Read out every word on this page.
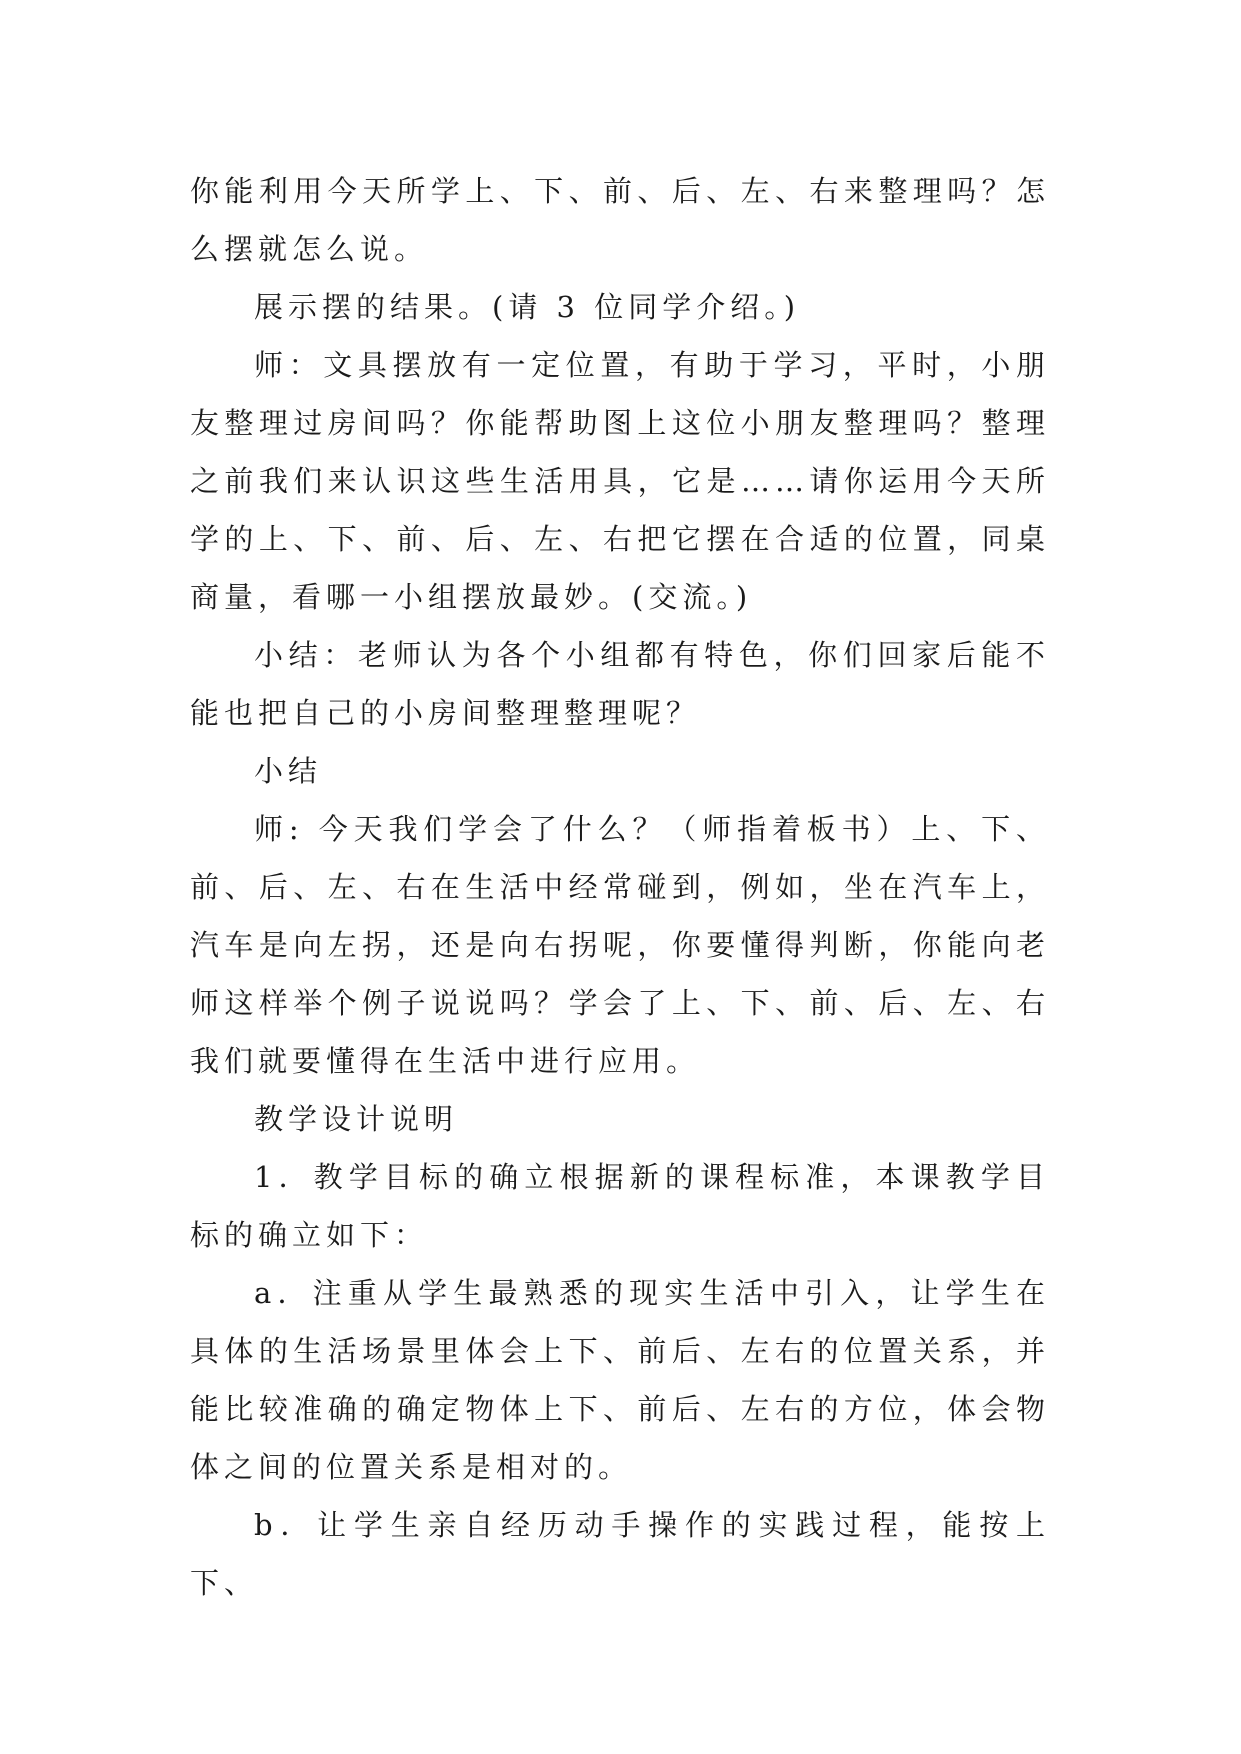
你能利用今天所学上、下、前、后、左、右来整理吗？怎么摆就怎么说。

展示摆的结果。(请 3 位同学介绍。)

师：文具摆放有一定位置，有助于学习，平时，小朋友整理过房间吗？你能帮助图上这位小朋友整理吗？整理之前我们来认识这些生活用具，它是……请你运用今天所学的上、下、前、后、左、右把它摆在合适的位置，同桌商量，看哪一小组摆放最妙。(交流。)

小结：老师认为各个小组都有特色，你们回家后能不能也把自己的小房间整理整理呢？

小结

师: 今天我们学会了什么？（师指着板书）上、下、前、后、左、右在生活中经常碰到，例如，坐在汽车上，汽车是向左拐，还是向右拐呢，你要懂得判断，你能向老师这样举个例子说说吗？学会了上、下、前、后、左、右我们就要懂得在生活中进行应用。

教学设计说明

1．教学目标的确立根据新的课程标准，本课教学目标的确立如下：

a．注重从学生最熟悉的现实生活中引入，让学生在具体的生活场景里体会上下、前后、左右的位置关系，并能比较准确的确定物体上下、前后、左右的方位，体会物体之间的位置关系是相对的。

b．让学生亲自经历动手操作的实践过程，能按上下、
